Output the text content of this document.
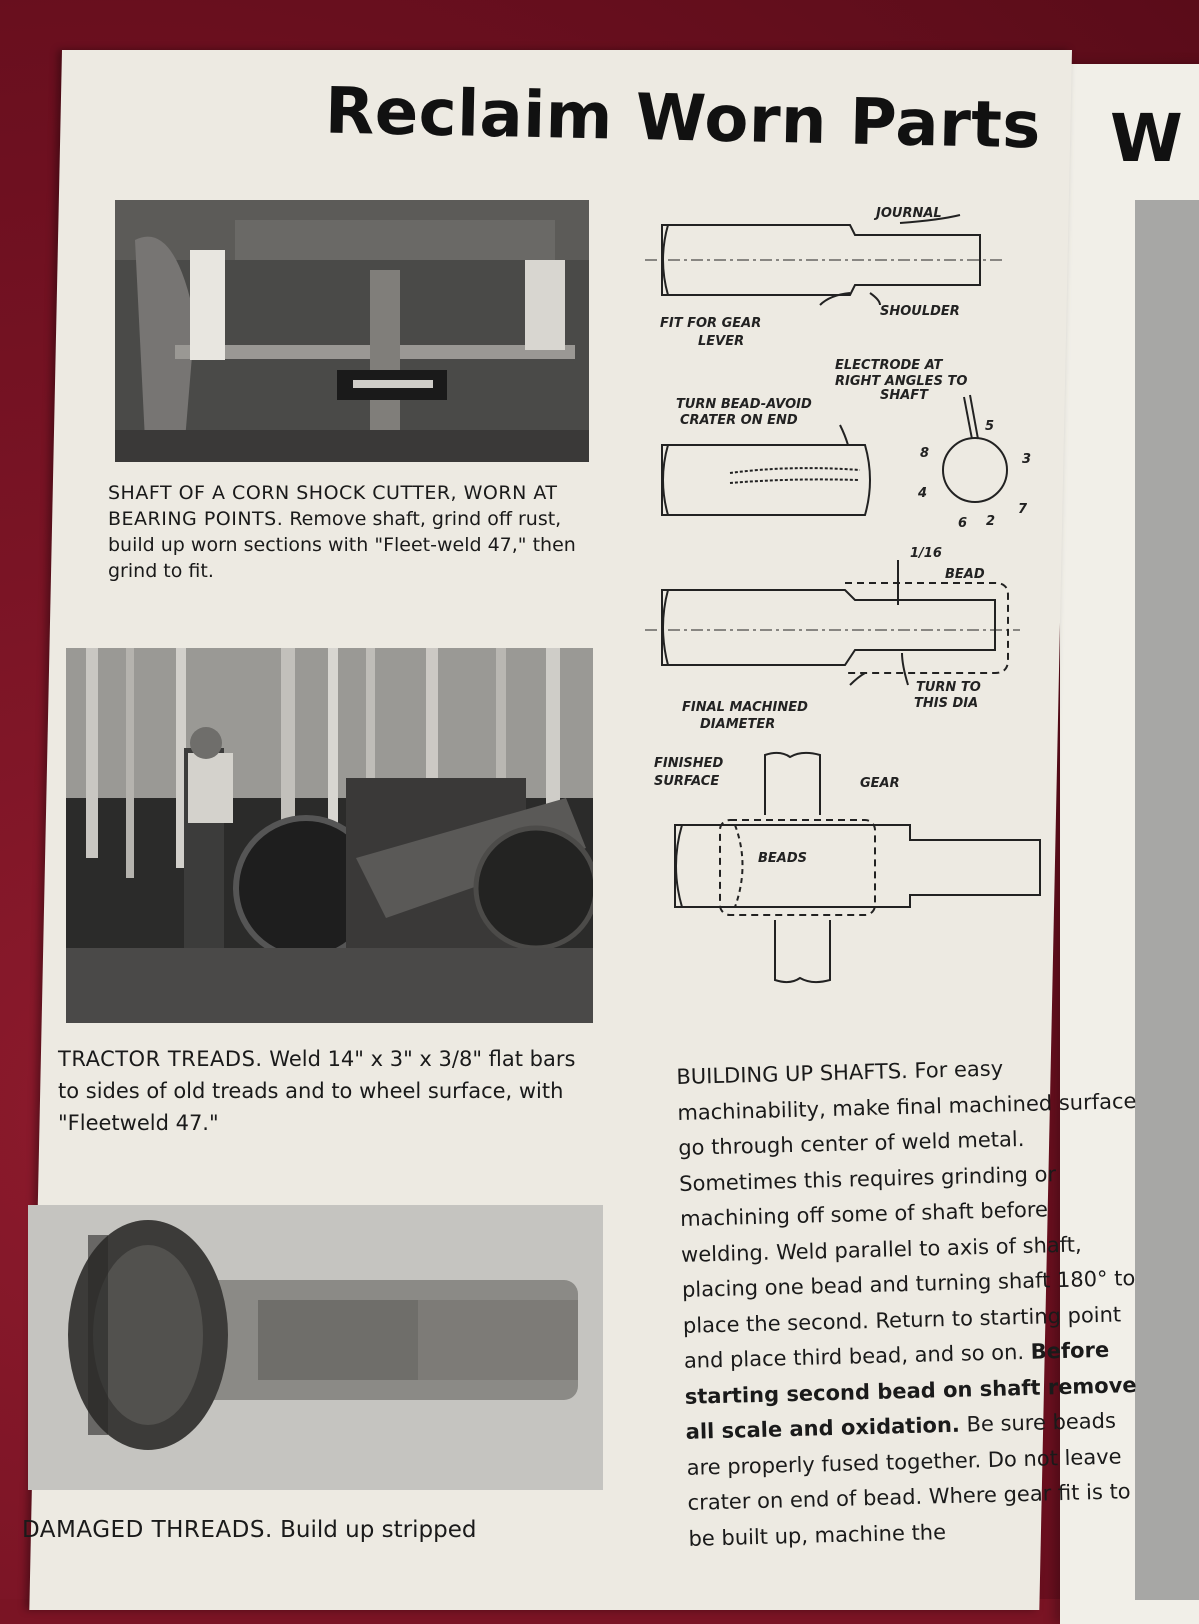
W
Reclaim Worn Parts
SHAFT OF A CORN SHOCK CUTTER, WORN AT BEARING POINTS. Remove shaft, grind off rust, build up worn sections with "Fleet-weld 47," then grind to fit.
TRACTOR TREADS. Weld 14" x 3" x 3/8" flat bars to sides of old treads and to wheel surface, with "Fleetweld 47."
DAMAGED THREADS. Build up stripped
JOURNAL
SHOULDER
FIT FOR GEAR
LEVER
ELECTRODE AT
RIGHT ANGLES TO
SHAFT
TURN BEAD-AVOID
CRATER ON END
8
5
3
7
2
6
4
1/16
BEAD
FINAL MACHINED
DIAMETER
TURN TO
THIS DIA
FINISHED
SURFACE	GEAR
BEADS
BUILDING UP SHAFTS. For easy machinability, make final machined surface go through center of weld metal. Sometimes this requires grinding or machining off some of shaft before welding. Weld parallel to axis of shaft, placing one bead and turning shaft 180° to place the second. Return to starting point and place third bead, and so on. Before starting second bead on shaft remove all scale and oxidation. Be sure beads are properly fused together. Do not leave crater on end of bead. Where gear fit is to be built up, machine the
